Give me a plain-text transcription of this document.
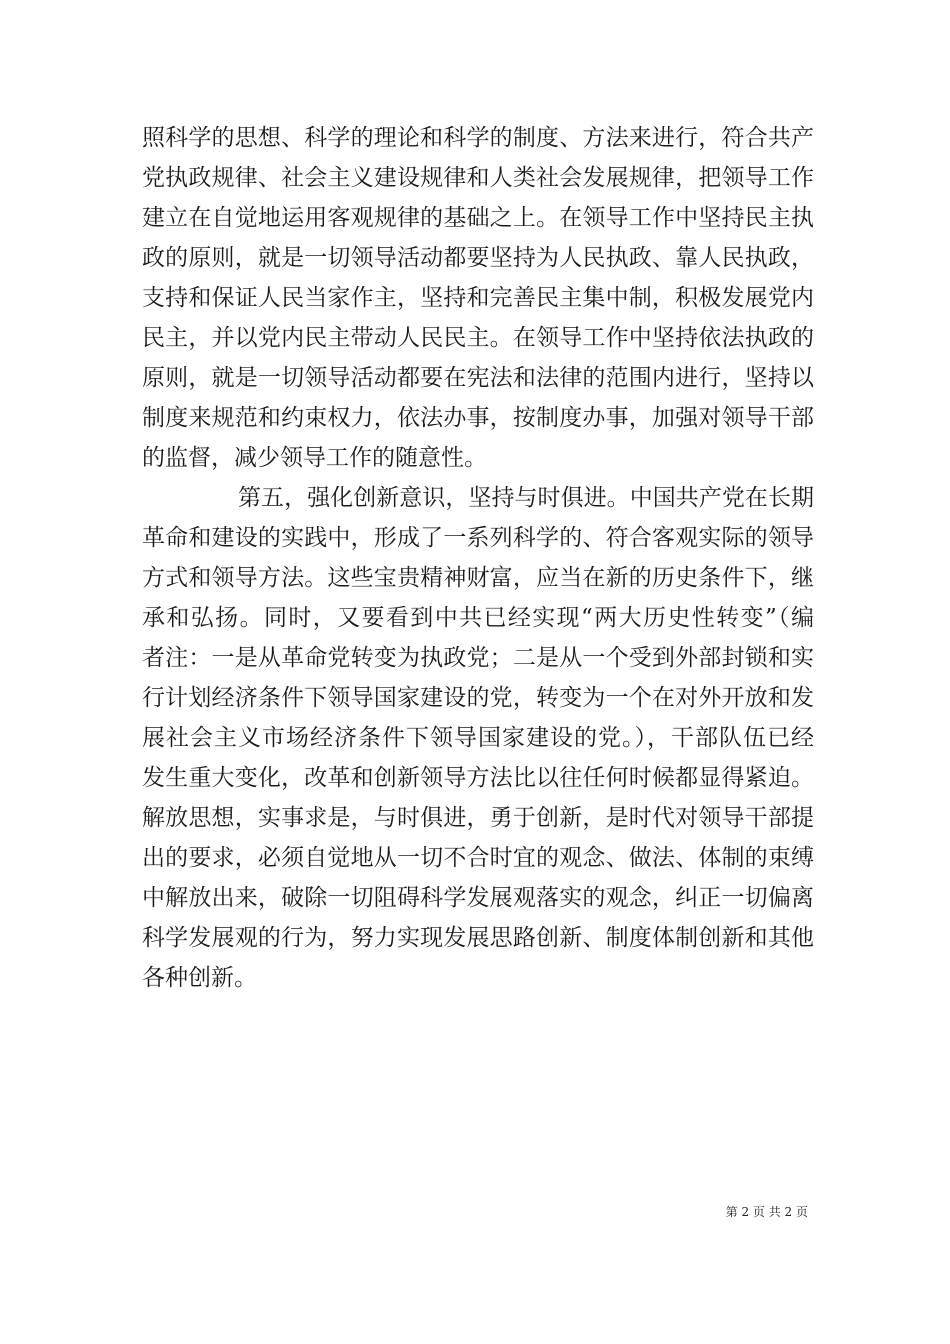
照科学的思想、科学的理论和科学的制度、方法来进行，符合共产
党执政规律、社会主义建设规律和人类社会发展规律，把领导工作
建立在自觉地运用客观规律的基础之上。在领导工作中坚持民主执
政的原则，就是一切领导活动都要坚持为人民执政、靠人民执政，
支持和保证人民当家作主，坚持和完善民主集中制，积极发展党内
民主，并以党内民主带动人民民主。在领导工作中坚持依法执政的
原则，就是一切领导活动都要在宪法和法律的范围内进行，坚持以
制度来规范和约束权力，依法办事，按制度办事，加强对领导干部
的监督，减少领导工作的随意性。
第五，强化创新意识，坚持与时俱进。中国共产党在长期
革命和建设的实践中，形成了一系列科学的、符合客观实际的领导
方式和领导方法。这些宝贵精神财富，应当在新的历史条件下，继
承和弘扬。同时，又要看到中共已经实现“两大历史性转变”（编
者注：一是从革命党转变为执政党；二是从一个受到外部封锁和实
行计划经济条件下领导国家建设的党，转变为一个在对外开放和发
展社会主义市场经济条件下领导国家建设的党。），干部队伍已经
发生重大变化，改革和创新领导方法比以往任何时候都显得紧迫。
解放思想，实事求是，与时俱进，勇于创新，是时代对领导干部提
出的要求，必须自觉地从一切不合时宜的观念、做法、体制的束缚
中解放出来，破除一切阻碍科学发展观落实的观念，纠正一切偏离
科学发展观的行为，努力实现发展思路创新、制度体制创新和其他
各种创新。
第 2 页 共 2 页
